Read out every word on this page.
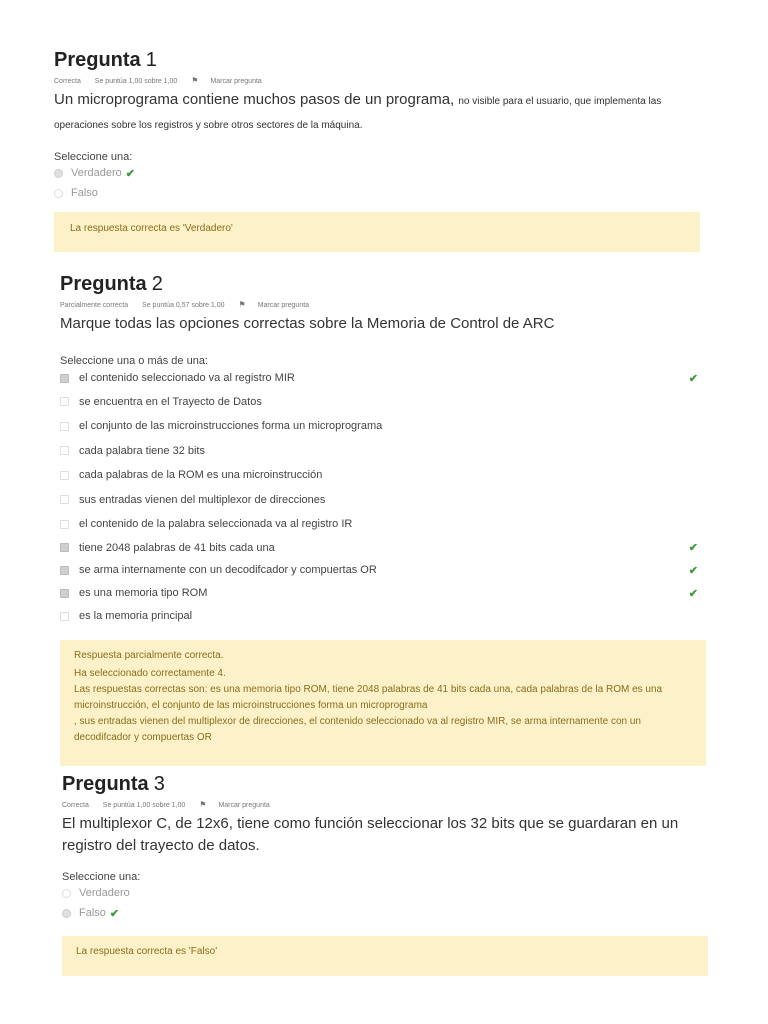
Pregunta 1
Correcta Se puntúa 1,00 sobre 1,00 ⚑ Marcar pregunta
Un microprograma contiene muchos pasos de un programa, no visible para el usuario, que implementa las
operaciones sobre los registros y sobre otros sectores de la máquina.
Seleccione una:
Verdadero ✔
Falso
La respuesta correcta es 'Verdadero'
Pregunta 2
Parcialmente correcta Se puntúa 0,57 sobre 1,00 ⚑ Marcar pregunta
Marque todas las opciones correctas sobre la Memoria de Control de ARC
Seleccione una o más de una:
el contenido seleccionado va al registro MIR	✔
se encuentra en el Trayecto de Datos
el conjunto de las microinstrucciones forma un microprograma
cada palabra tiene 32 bits
cada palabras de la ROM es una microinstrucción
sus entradas vienen del multiplexor de direcciones
el contenido de la palabra seleccionada va al registro IR
tiene 2048 palabras de 41 bits cada una	✔
se arma internamente con un decodifcador y compuertas OR	✔
es una memoria tipo ROM	✔
es la memoria principal
Respuesta parcialmente correcta.
Ha seleccionado correctamente 4.
Las respuestas correctas son: es una memoria tipo ROM, tiene 2048 palabras de 41 bits cada una, cada palabras de la ROM es una microinstrucción, el conjunto de las microinstrucciones forma un microprograma
, sus entradas vienen del multiplexor de direcciones, el contenido seleccionado va al registro MIR, se arma internamente con un decodifcador y compuertas OR
Pregunta 3
Correcta Se puntúa 1,00 sobre 1,00 ⚑ Marcar pregunta
El multiplexor C, de 12x6, tiene como función seleccionar los 32 bits que se guardaran en un registro del trayecto de datos.
Seleccione una:
Verdadero
Falso ✔
La respuesta correcta es 'Falso'
